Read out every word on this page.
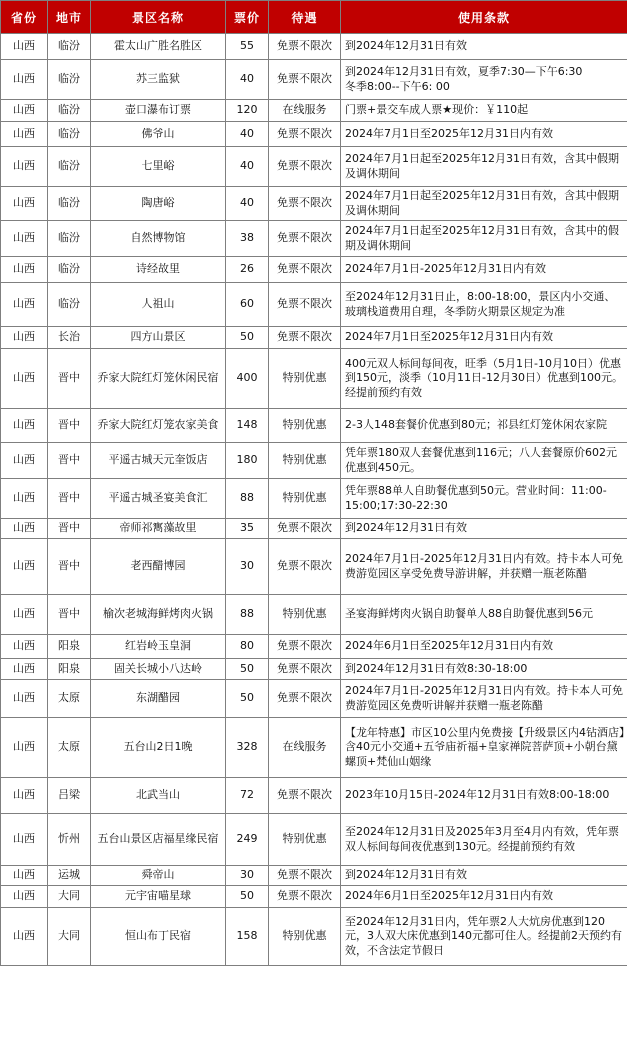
省份	地市	景区名称	票价	待遇	使用条款
山西	临汾	霍太山广胜名胜区	55	免票不限次	到2024年12月31日有效
山西	临汾	苏三监狱	40	免票不限次	到2024年12月31日有效，夏季7:30—下午6:30
冬季8:00--下午6: 00
山西	临汾	壶口瀑布订票	120	在线服务	门票+景交车成人票★现价：￥110起
山西	临汾	佛爷山	40	免票不限次	2024年7月1日至2025年12月31日内有效
山西	临汾	七里峪	40	免票不限次	2024年7月1日起至2025年12月31日有效，含其中假期及调休期间
山西	临汾	陶唐峪	40	免票不限次	2024年7月1日起至2025年12月31日有效，含其中假期及调休期间
山西	临汾	自然博物馆	38	免票不限次	2024年7月1日起至2025年12月31日有效，含其中的假期及调休期间
山西	临汾	诗经故里	26	免票不限次	2024年7月1日-2025年12月31日内有效
山西	临汾	人祖山	60	免票不限次	至2024年12月31日止，8:00-18:00，景区内小交通、玻璃栈道费用自理，冬季防火期景区规定为准
山西	长治	四方山景区	50	免票不限次	2024年7月1日至2025年12月31日内有效
山西	晋中	乔家大院红灯笼休闲民宿	400	特别优惠	400元双人标间每间夜，旺季（5月1日-10月10日）优惠到150元，淡季（10月11日-12月30日）优惠到100元。经提前预约有效
山西	晋中	乔家大院红灯笼农家美食	148	特别优惠	2-3人148套餐价优惠到80元；祁县红灯笼休闲农家院
山西	晋中	平遥古城天元奎饭店	180	特别优惠	凭年票180双人套餐优惠到116元；八人套餐原价602元优惠到450元。
山西	晋中	平遥古城圣宴美食汇	88	特别优惠	凭年票88单人自助餐优惠到50元。营业时间：11:00-15:00;17:30-22:30
山西	晋中	帝师祁寯藻故里	35	免票不限次	到2024年12月31日有效
山西	晋中	老西醋博园	30	免票不限次	2024年7月1日-2025年12月31日内有效。持卡本人可免费游览园区享受免费导游讲解，并获赠一瓶老陈醋
山西	晋中	榆次老城海鲜烤肉火锅	88	特别优惠	圣宴海鲜烤肉火锅自助餐单人88自助餐优惠到56元
山西	阳泉	红岩岭玉皇洞	80	免票不限次	2024年6月1日至2025年12月31日内有效
山西	阳泉	固关长城小八达岭	50	免票不限次	到2024年12月31日有效8:30-18:00
山西	太原	东湖醋园	50	免票不限次	2024年7月1日-2025年12月31日内有效。持卡本人可免费游览园区免费听讲解并获赠一瓶老陈醋
山西	太原	五台山2日1晚	328	在线服务	【龙年特惠】市区10公里内免费接【升级景区内4钻酒店】含40元小交通+五爷庙祈福+皇家禅院菩萨顶+小朝台黛螺顶+梵仙山姻缘
山西	吕梁	北武当山	72	免票不限次	2023年10月15日-2024年12月31日有效8:00-18:00
山西	忻州	五台山景区店福星缘民宿	249	特别优惠	至2024年12月31日及2025年3月至4月内有效，凭年票双人标间每间夜优惠到130元。经提前预约有效
山西	运城	舜帝山	30	免票不限次	到2024年12月31日有效
山西	大同	元宇宙喵星球	50	免票不限次	2024年6月1日至2025年12月31日内有效
山西	大同	恒山布丁民宿	158	特别优惠	至2024年12月31日内，凭年票2人大炕房优惠到120元，3人双大床优惠到140元都可住人。经提前2天预约有效，不含法定节假日
